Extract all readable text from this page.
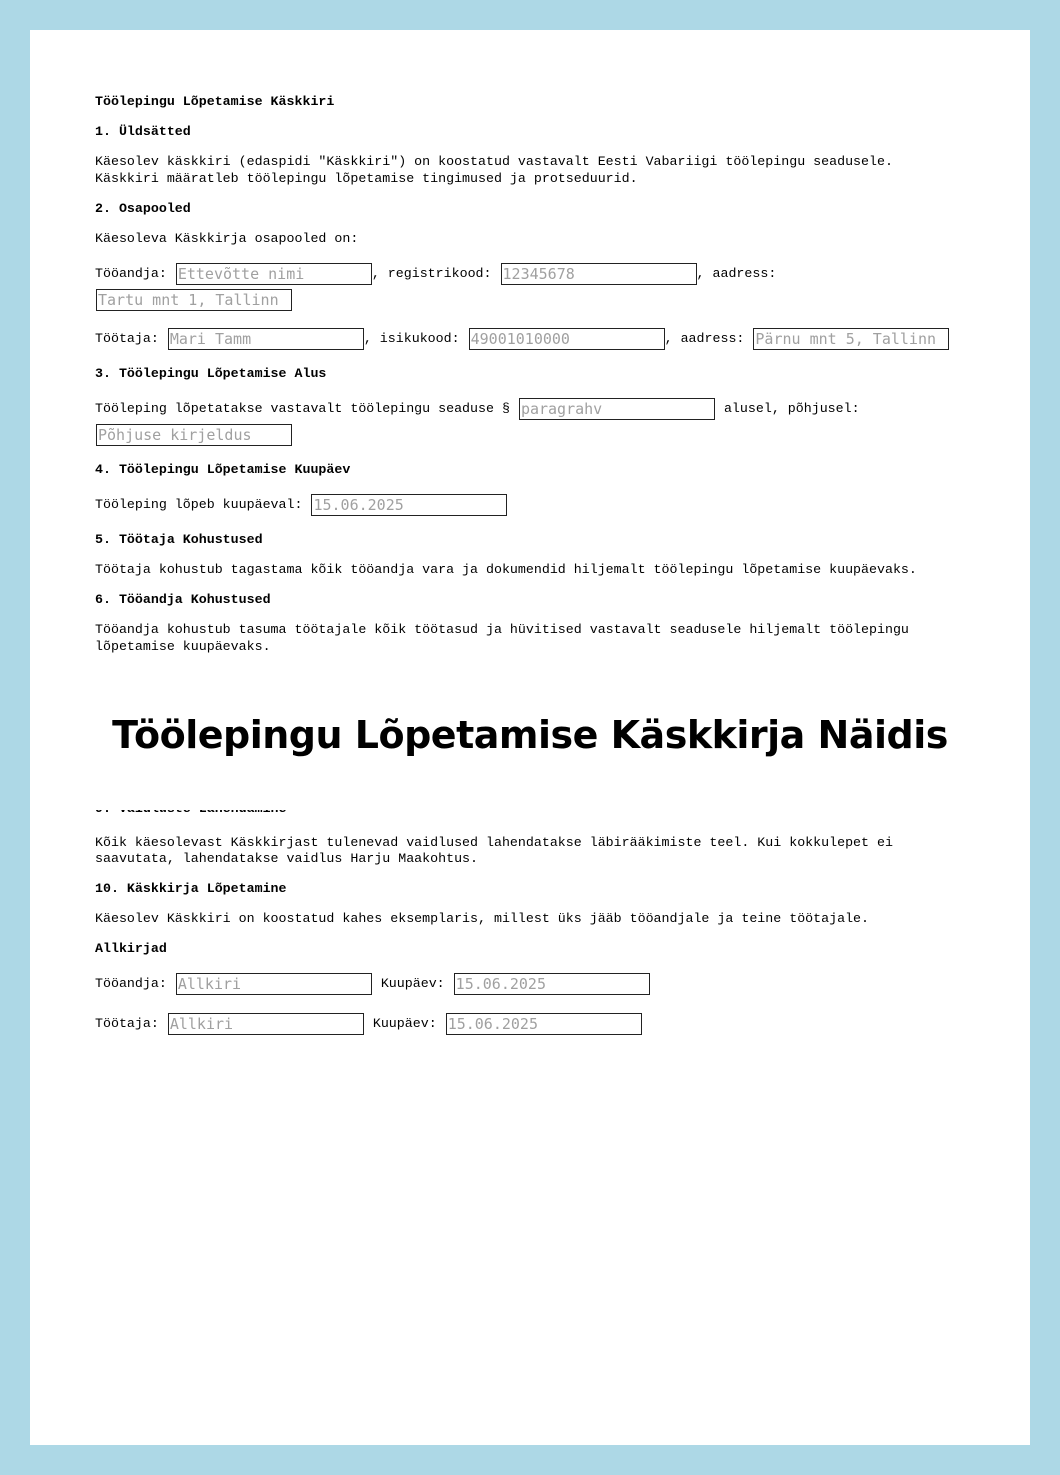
Töölepingu Lõpetamise Käskkiri
1. Üldsätted
Käesolev käskkiri (edaspidi "Käskkiri") on koostatud vastavalt Eesti Vabariigi töölepingu seadusele.
Käskkiri määratleb töölepingu lõpetamise tingimused ja protseduurid.
2. Osapooled
Käesoleva Käskkirja osapooled on:
Tööandja: Ettevõtte nimi	, registrikood: 12345678	, aadress:
Tartu mnt 1, Tallinn
Töötaja: Mari Tamm	, isikukood: 49001010000	, aadress: Pärnu mnt 5, Tallinn
3. Töölepingu Lõpetamise Alus
Tööleping lõpetatakse vastavalt töölepingu seaduse § paragrahv	alusel, põhjusel:
Põhjuse kirjeldus
4. Töölepingu Lõpetamise Kuupäev
Tööleping lõpeb kuupäeval: 15.06.2025
5. Töötaja Kohustused
Töötaja kohustub tagastama kõik tööandja vara ja dokumendid hiljemalt töölepingu lõpetamise kuupäevaks.
6. Tööandja Kohustused
Tööandja kohustub tasuma töötajale kõik töötasud ja hüvitised vastavalt seadusele hiljemalt töölepingu
lõpetamise kuupäevaks.
Kõik käesolevast Käskkirjast tulenevad vaidlused lahendatakse läbirääkimiste teel. Kui kokkulepet ei
saavutata, lahendatakse vaidlus Harju Maakohtus.
10. Käskkirja Lõpetamine
Käesolev Käskkiri on koostatud kahes eksemplaris, millest üks jääb tööandjale ja teine töötajale.
Allkirjad
Tööandja: Allkiri	Kuupäev: 15.06.2025
Töötaja: Allkiri	Kuupäev: 15.06.2025
Töölepingu Lõpetamise Käskkirja Näidis
